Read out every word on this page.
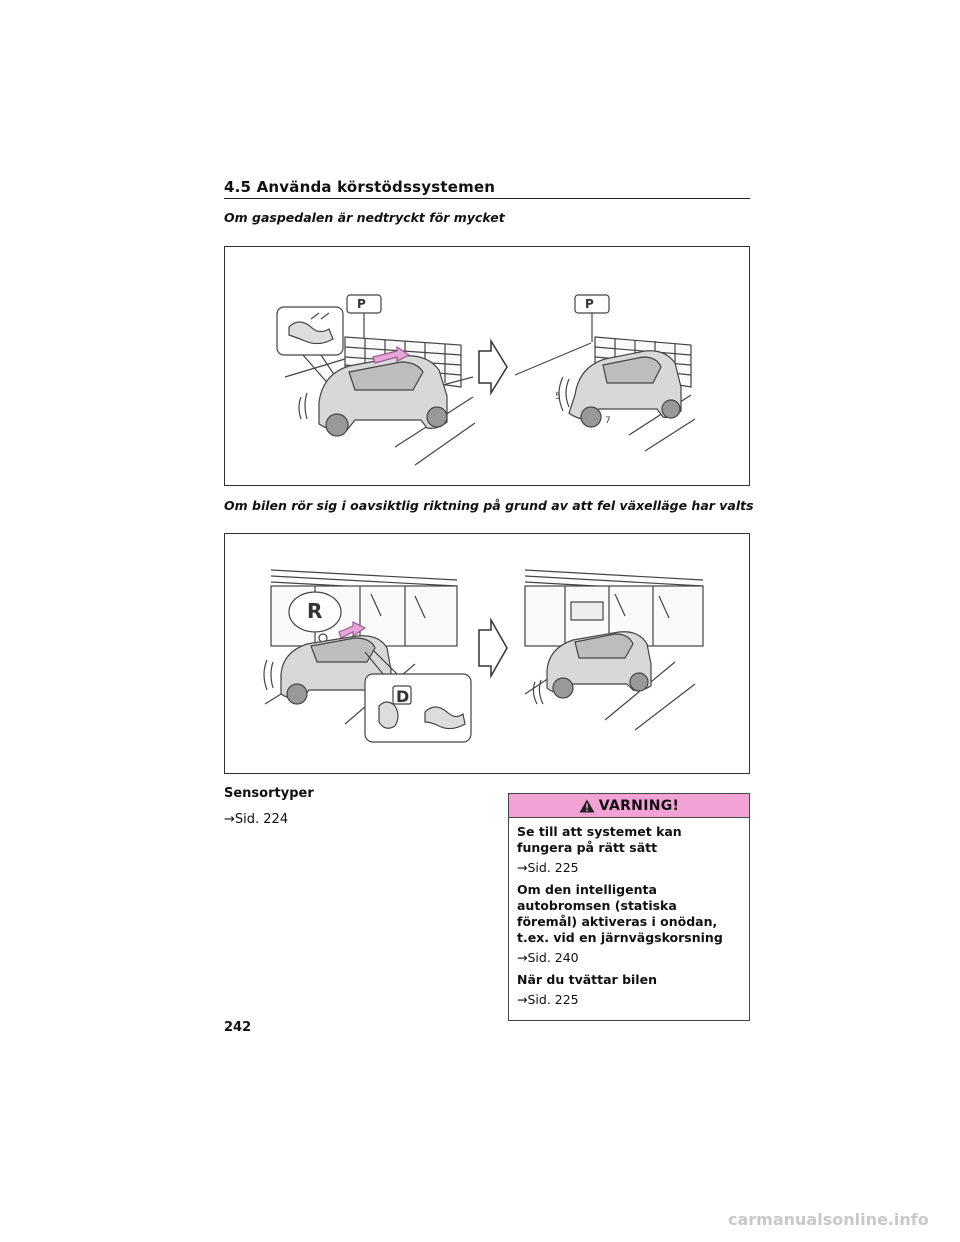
4.5 Använda körstödssystemen
Om gaspedalen är nedtryckt för mycket
5
7
P	P
Om bilen rör sig i oavsiktlig riktning på grund av att fel växelläge har valts
R
D
Sensortyper
→Sid. 224
VARNING!

Se till att systemet kan fungera på rätt sätt

→Sid. 225

Om den intelligenta autobromsen (statiska föremål) aktiveras i onödan, t.ex. vid en järnvägskorsning

→Sid. 240

När du tvättar bilen

→Sid. 225

242
carmanualsonline.info
